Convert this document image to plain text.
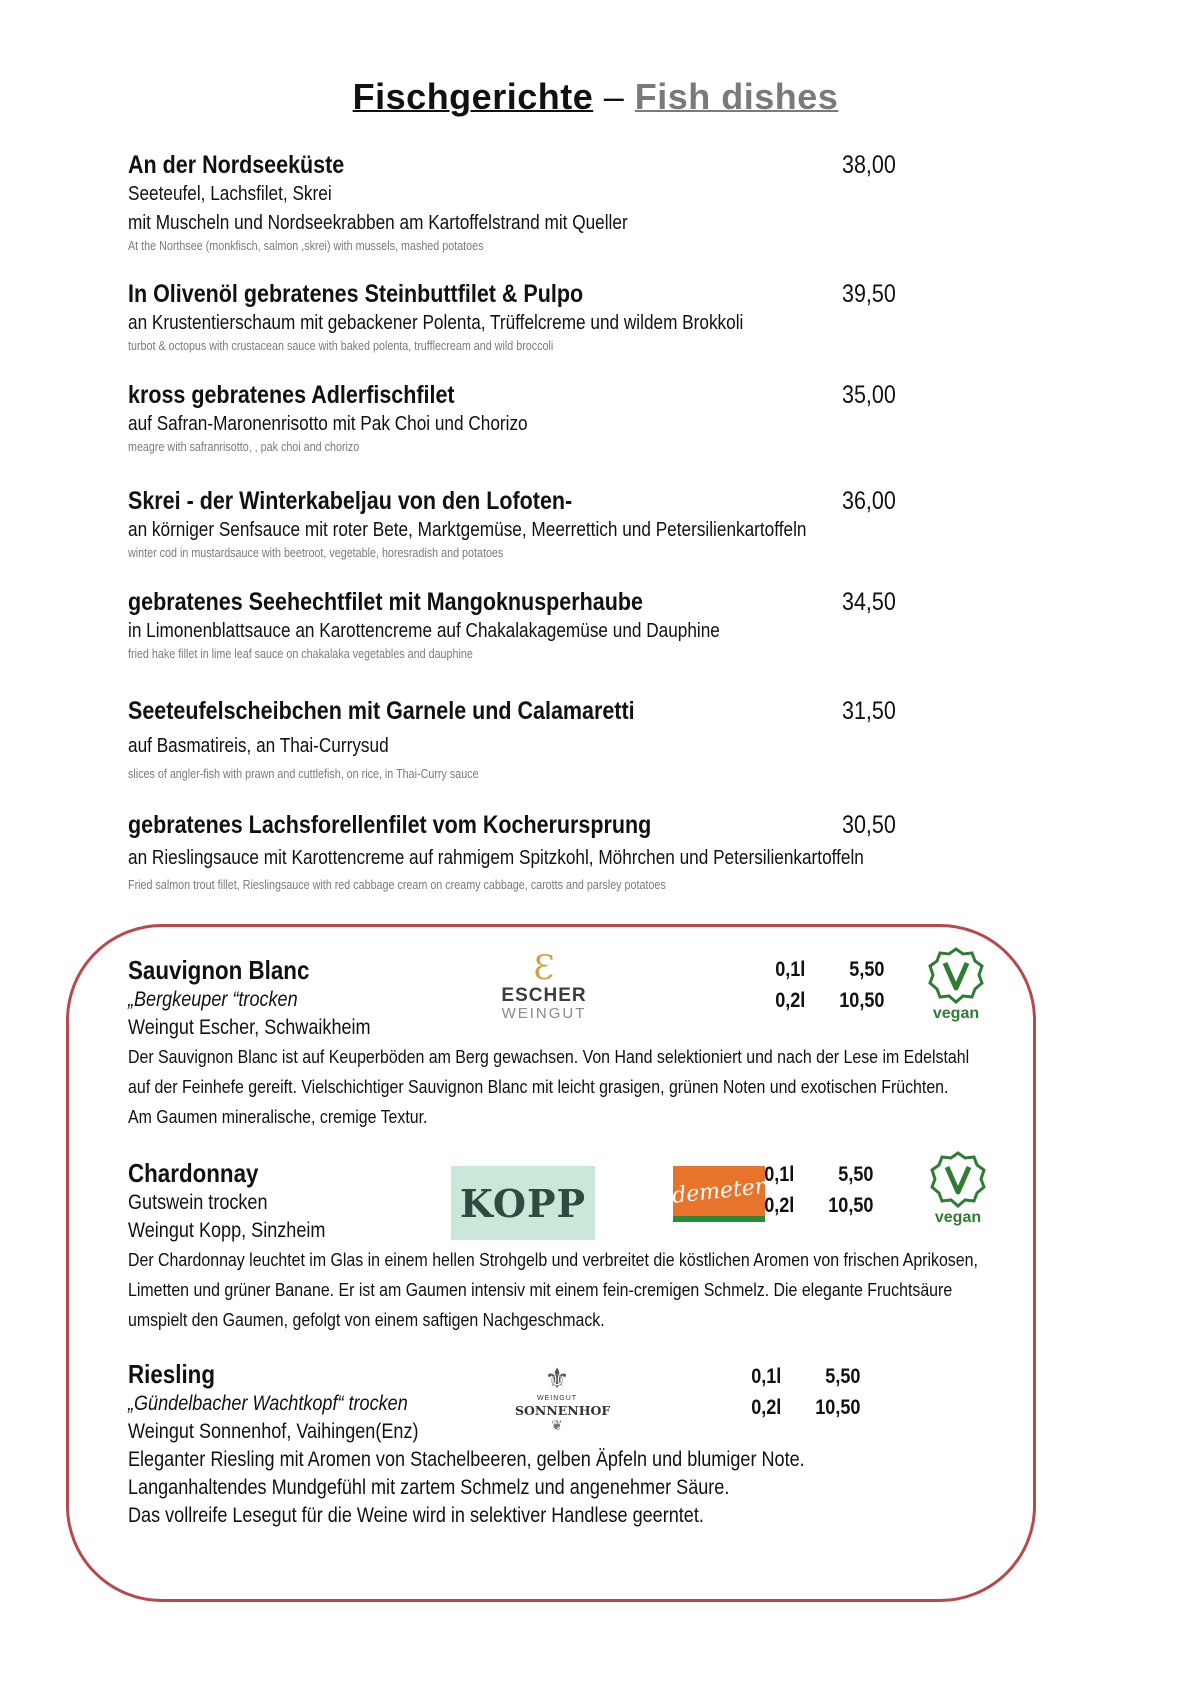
Fischgerichte – Fish dishes
An der Nordseeküste	38,00
Seeteufel, Lachsfilet, Skrei
mit Muscheln und Nordseekrabben am Kartoffelstrand mit Queller
At the Northsee (monkfisch, salmon ,skrei) with mussels, mashed potatoes
In Olivenöl gebratenes Steinbuttfilet & Pulpo	39,50
an Krustentierschaum mit gebackener Polenta, Trüffelcreme und wildem Brokkoli
turbot & octopus with crustacean sauce with baked polenta, trufflecream and wild broccoli
kross gebratenes Adlerfischfilet	35,00
auf Safran-Maronenrisotto mit Pak Choi und Chorizo
meagre with safranrisotto, , pak choi and chorizo
Skrei - der Winterkabeljau von den Lofoten-	36,00
an körniger Senfsauce mit roter Bete, Marktgemüse, Meerrettich und Petersilienkartoffeln
winter cod in mustardsauce with beetroot, vegetable, horesradish and potatoes
gebratenes Seehechtfilet mit Mangoknusperhaube	34,50
in Limonenblattsauce an Karottencreme auf Chakalakagemüse und Dauphine
fried hake fillet in lime leaf sauce on chakalaka vegetables and dauphine
Seeteufelscheibchen mit Garnele und Calamaretti	31,50
auf Basmatireis, an Thai-Currysud
slices of angler-fish with prawn and cuttlefish, on rice, in Thai-Curry sauce
gebratenes Lachsforellenfilet vom Kocherursprung	30,50
an Rieslingsauce mit Karottencreme auf rahmigem Spitzkohl, Möhrchen und Petersilienkartoffeln
Fried salmon trout fillet, Rieslingsauce with red cabbage cream on creamy cabbage, carotts and parsley potatoes
Sauvignon Blanc
„Bergkeuper “trocken
Weingut Escher, Schwaikheim
Der Sauvignon Blanc ist auf Keuperböden am Berg gewachsen. Von Hand selektioniert und nach der Lese im Edelstahl
auf der Feinhefe gereift. Vielschichtiger Sauvignon Blanc mit leicht grasigen, grünen Noten und exotischen Früchten.
Am Gaumen mineralische, cremige Textur.
Ɛ
ESCHER
WEINGUT
0,1l	5,50
0,2l	10,50
vegan
Chardonnay
Gutswein trocken
Weingut Kopp, Sinzheim
Der Chardonnay leuchtet im Glas in einem hellen Strohgelb und verbreitet die köstlichen Aromen von frischen Aprikosen,
Limetten und grüner Banane. Er ist am Gaumen intensiv mit einem fein-cremigen Schmelz. Die elegante Fruchtsäure
umspielt den Gaumen, gefolgt von einem saftigen Nachgeschmack.
KOPP	demeter
0,1l	5,50
0,2l	10,50
vegan
Riesling
„Gündelbacher Wachtkopf“ trocken
Weingut Sonnenhof, Vaihingen(Enz)
Eleganter Riesling mit Aromen von Stachelbeeren, gelben Äpfeln und blumiger Note.
Langanhaltendes Mundgefühl mit zartem Schmelz und angenehmer Säure.
Das vollreife Lesegut für die Weine wird in selektiver Handlese geerntet.
⚜
WEINGUT
SONNENHOF
❦
0,1l	5,50
0,2l	10,50
